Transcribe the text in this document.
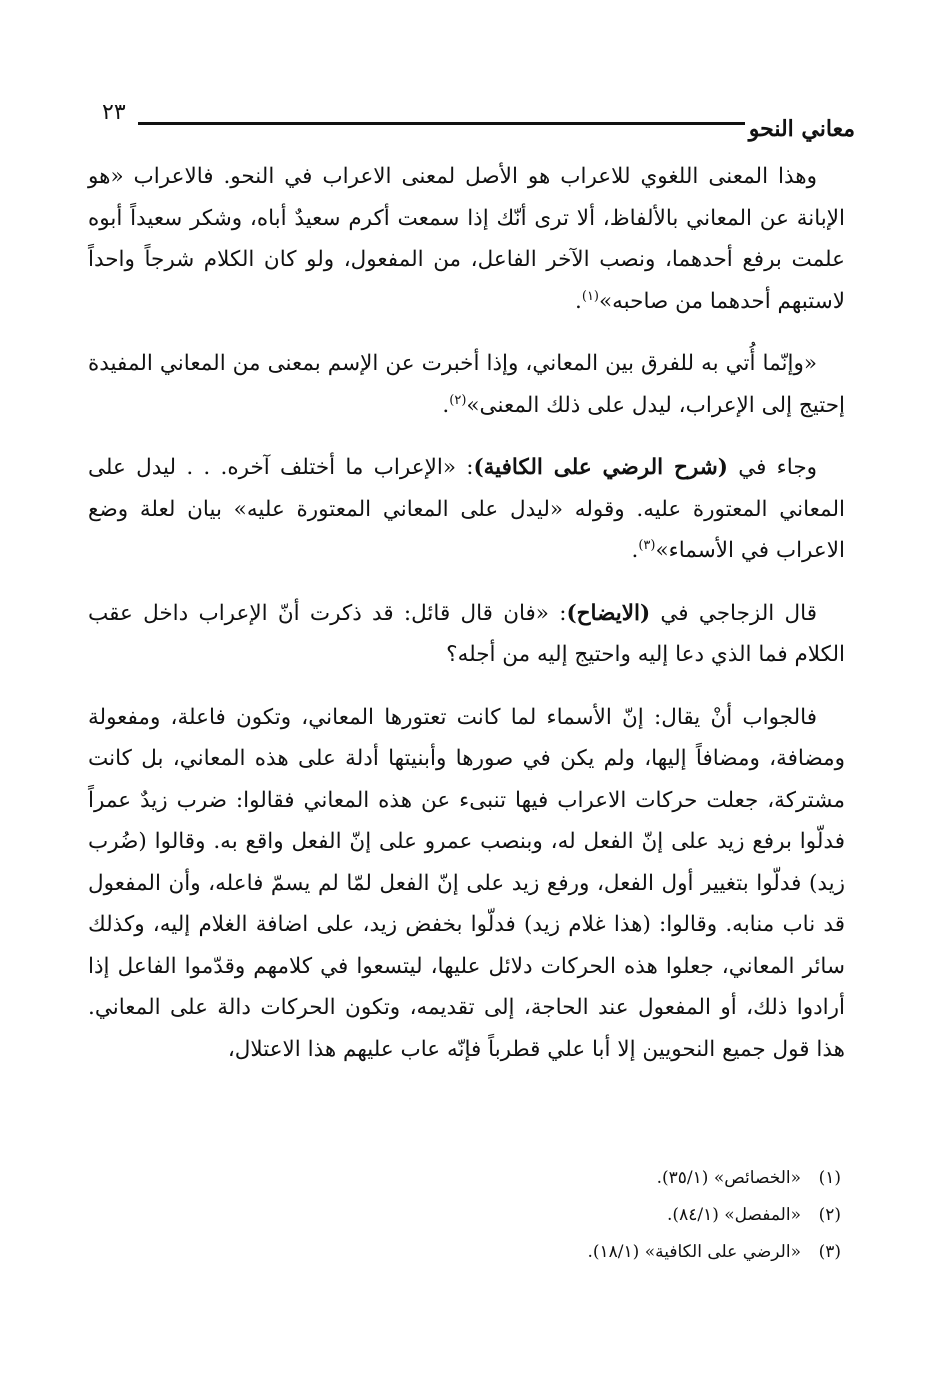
معاني النحو
٢٣

وهذا المعنى اللغوي للاعراب هو الأصل لمعنى الاعراب في النحو. فالاعراب «هو الإبانة عن المعاني بالألفاظ، ألا ترى أنّك إذا سمعت أكرم سعيدٌ أباه، وشكر سعيداً أبوه علمت برفع أحدهما، ونصب الآخر الفاعل، من المفعول، ولو كان الكلام شرجاً واحداً لاستبهم أحدهما من صاحبه»$^{(١)}$.

«وإنّما أُتي به للفرق بين المعاني، وإذا أخبرت عن الإسم بمعنى من المعاني المفيدة إحتيج إلى الإعراب، ليدل على ذلك المعنى»$^{(٢)}$.

وجاء في (شرح الرضي على الكافية): «الإعراب ما أختلف آخره. . . ليدل على المعاني المعتورة عليه. وقوله «ليدل على المعاني المعتورة عليه» بيان لعلة وضع الاعراب في الأسماء»$^{(٣)}$.

قال الزجاجي في (الايضاح): «فان قال قائل: قد ذكرت أنّ الإعراب داخل عقب الكلام فما الذي دعا إليه واحتيج إليه من أجله؟

فالجواب أنْ يقال: إنّ الأسماء لما كانت تعتورها المعاني، وتكون فاعلة، ومفعولة ومضافة، ومضافاً إليها، ولم يكن في صورها وأبنيتها أدلة على هذه المعاني، بل كانت مشتركة، جعلت حركات الاعراب فيها تنبىء عن هذه المعاني فقالوا: ضرب زيدٌ عمراً فدلّوا برفع زيد على إنّ الفعل له، وبنصب عمرو على إنّ الفعل واقع به. وقالوا (ضُرب زيد) فدلّوا بتغيير أول الفعل، ورفع زيد على إنّ الفعل لمّا لم يسمّ فاعله، وأن المفعول قد ناب منابه. وقالوا: (هذا غلام زيد) فدلّوا بخفض زيد، على اضافة الغلام إليه، وكذلك سائر المعاني، جعلوا هذه الحركات دلائل عليها، ليتسعوا في كلامهم وقدّموا الفاعل إذا أرادوا ذلك، أو المفعول عند الحاجة، إلى تقديمه، وتكون الحركات دالة على المعاني. هذا قول جميع النحويين إلا أبا علي قطرباً فإنّه عاب عليهم هذا الاعتلال،

(١)«الخصائص» (٣٥/١).
(٢)«المفصل» (٨٤/١).
(٣)«الرضي على الكافية» (١٨/١).
